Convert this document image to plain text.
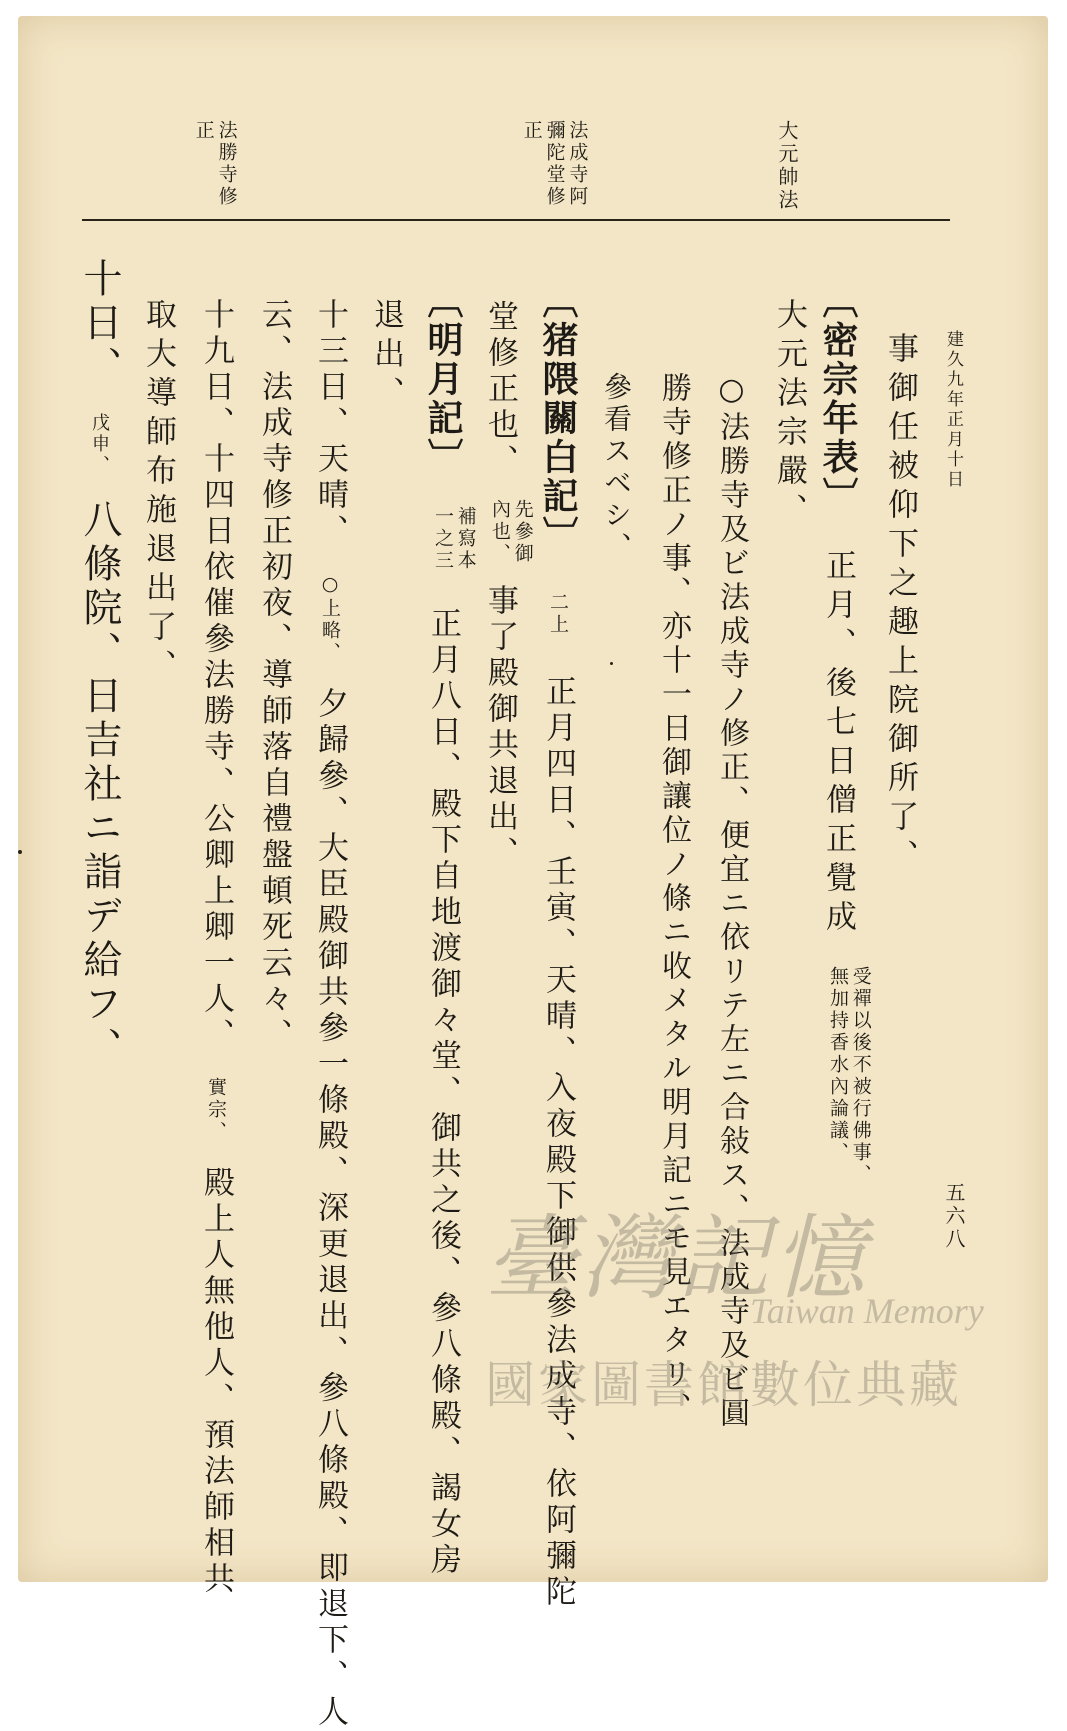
建久九年正月十日
五六八
大元帥法
法成寺阿彌陀堂修正
法勝寺修正
事御任被仰下之趣上院御所了、
〔密宗年表〕 正月、後七日僧正覺成
受禪以後不被行佛事、
無加持香水內論議、
大元法宗嚴、
○法勝寺及ビ法成寺ノ修正、便宜ニ依リテ左ニ合敍ス、法成寺及ビ圓
勝寺修正ノ事、亦十一日御讓位ノ條ニ收メタル明月記ニモ見エタリ、
參看スベシ、
〔猪隈關白記〕 二上 正月四日、壬寅、天晴、入夜殿下御供參法成寺、依阿彌陀
堂修正也、
先參御
內也、
事了殿御共退出、
〔明月記〕
補寫本
一之三
正月八日、殿下自地渡御々堂、御共之後、參八條殿、謁女房
退出、
十三日、天晴、 ○上略、 夕歸參、大臣殿御共參一條殿、深更退出、參八條殿、即退下、人
云、法成寺修正初夜、導師落自禮盤頓死云々、
十九日、十四日依催參法勝寺、公卿上卿一人、 實宗、 殿上人無他人、預法師相共
取大導師布施退出了、
十日、 戊申、 八條院、日吉社ニ詣デ給フ、
臺灣記憶
Taiwan Memory
國家圖書館數位典藏
